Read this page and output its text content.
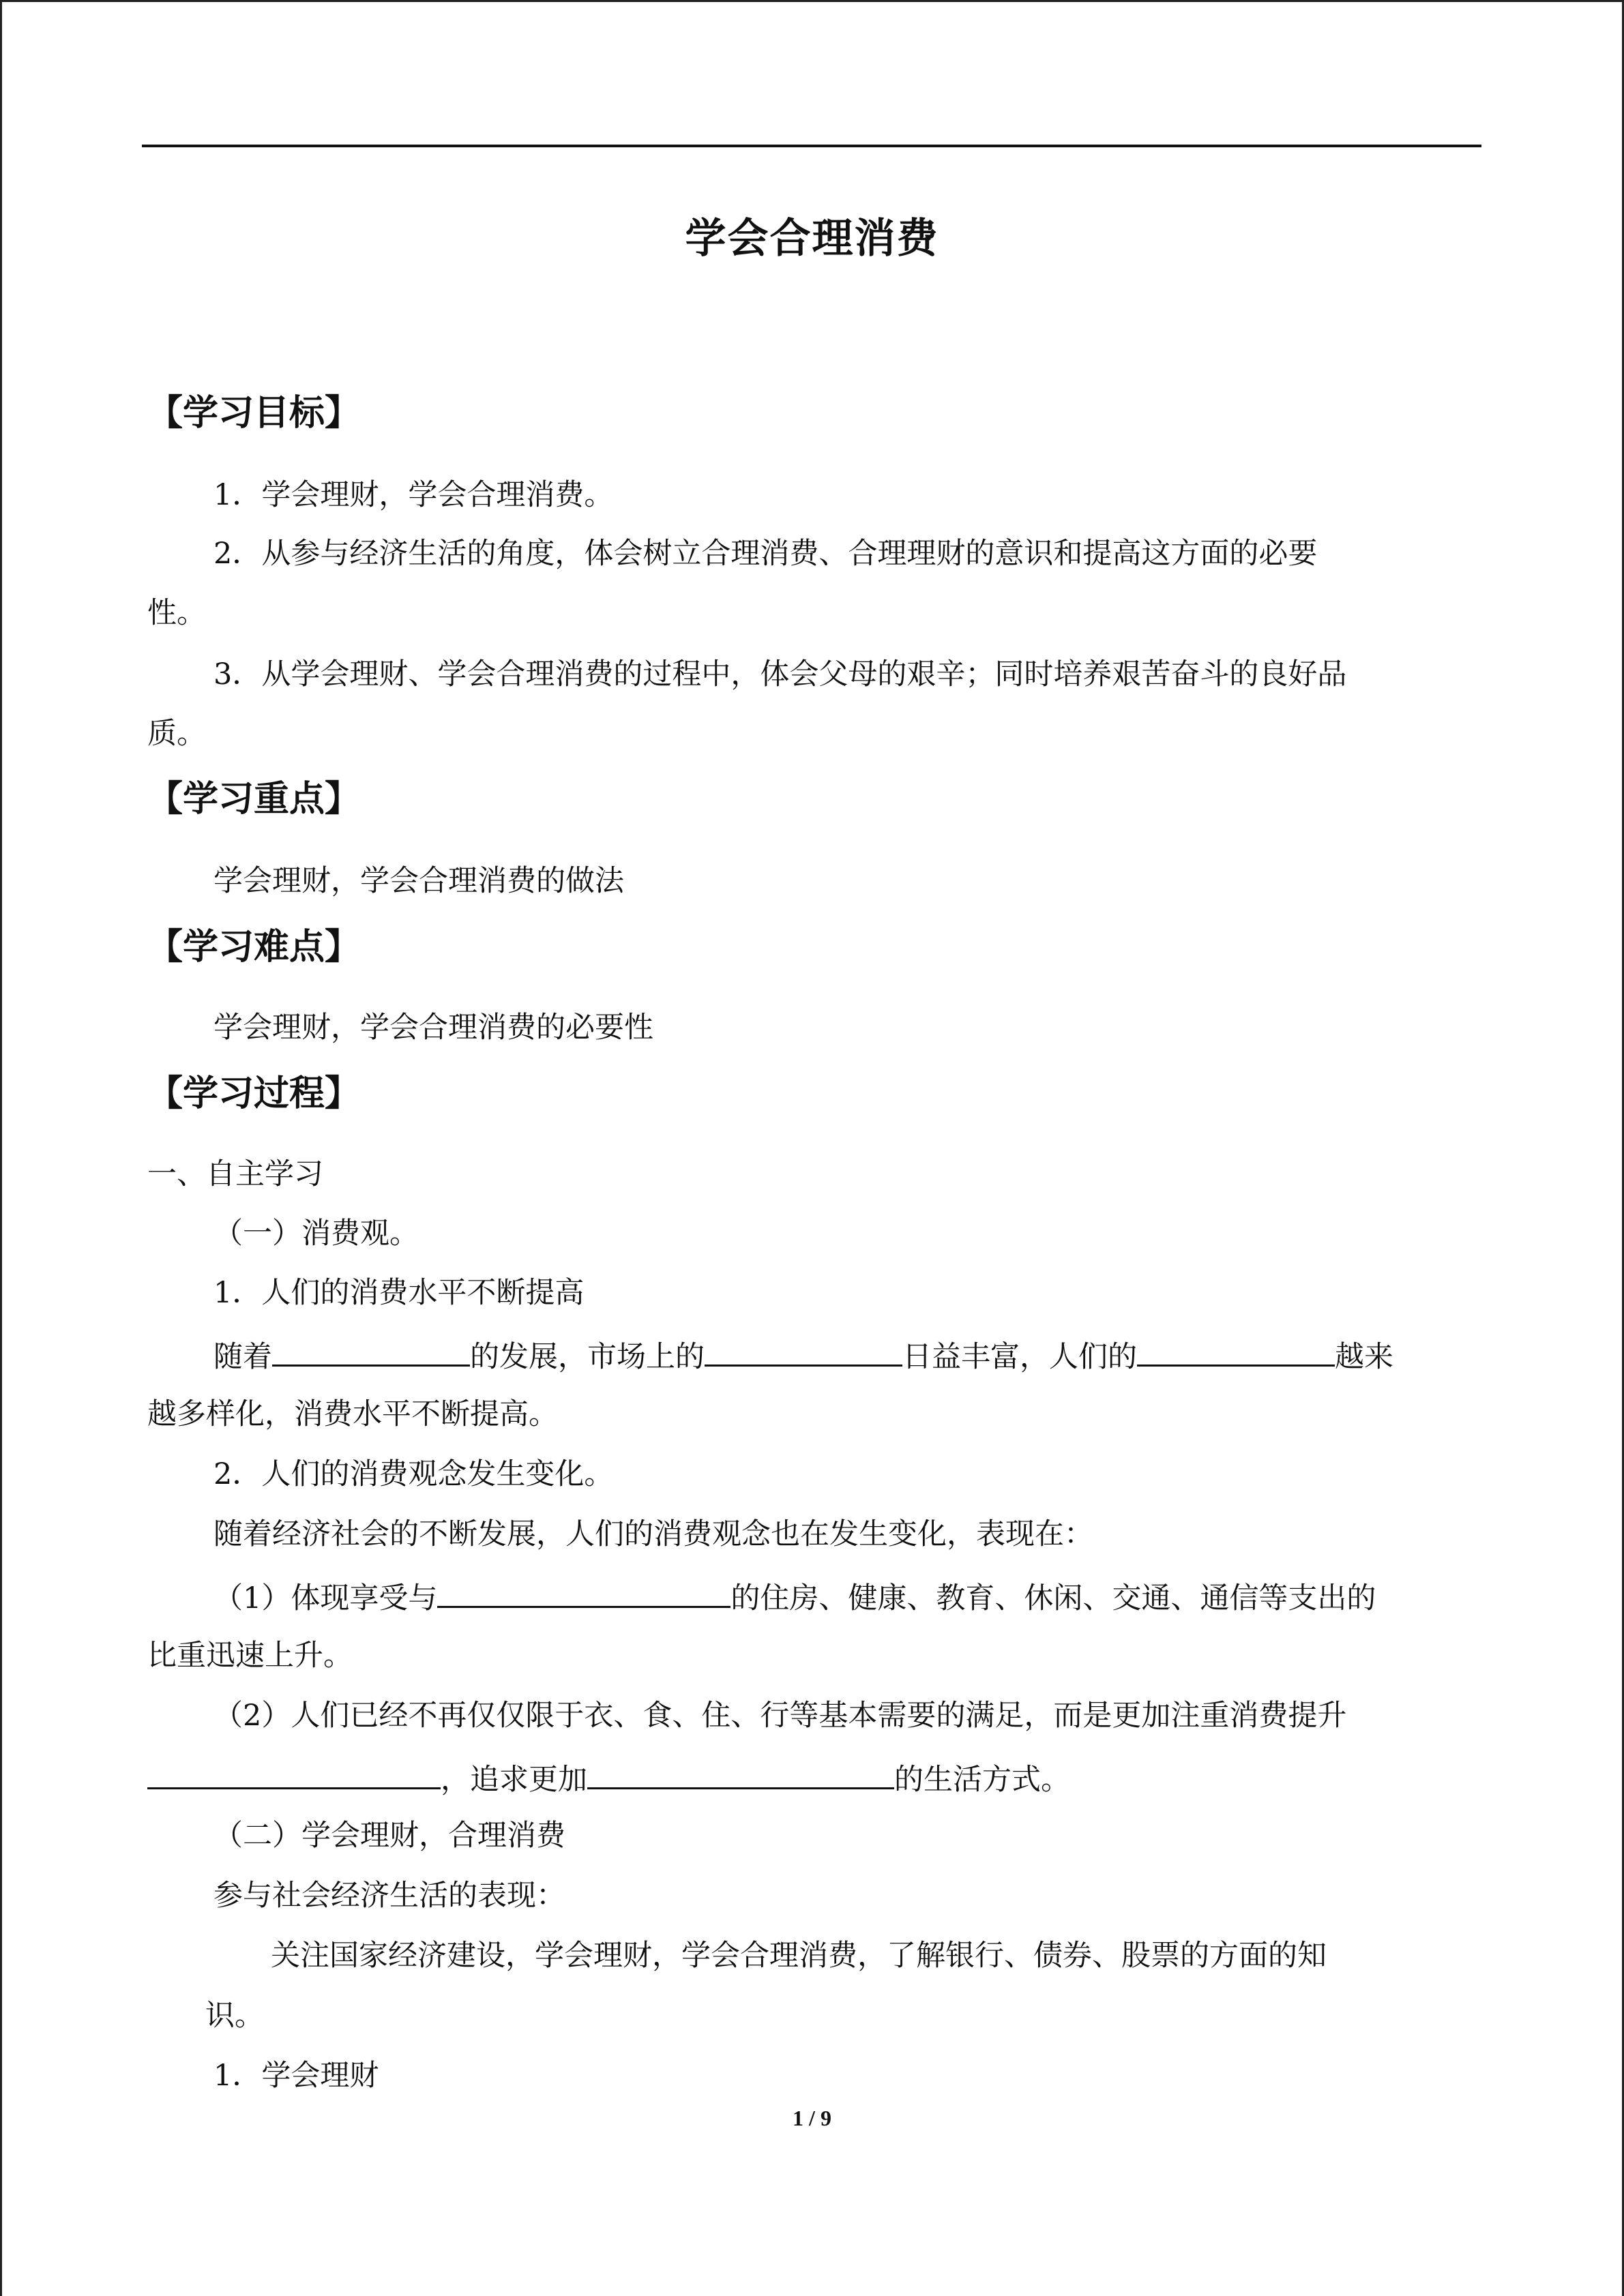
学会合理消费
【学习目标】
1．学会理财，学会合理消费。
2．从参与经济生活的角度，体会树立合理消费、合理理财的意识和提高这方面的必要
性。
3．从学会理财、学会合理消费的过程中，体会父母的艰辛；同时培养艰苦奋斗的良好品
质。
【学习重点】
学会理财，学会合理消费的做法
【学习难点】
学会理财，学会合理消费的必要性
【学习过程】
一、自主学习
（一）消费观。
1．人们的消费水平不断提高
随着	的发展，市场上的	日益丰富，人们的	越来
越多样化，消费水平不断提高。
2．人们的消费观念发生变化。
随着经济社会的不断发展，人们的消费观念也在发生变化，表现在：
（1）体现享受与	的住房、健康、教育、休闲、交通、通信等支出的
比重迅速上升。
（2）人们已经不再仅仅限于衣、食、住、行等基本需要的满足，而是更加注重消费提升
，追求更加	的生活方式。
（二）学会理财，合理消费
参与社会经济生活的表现：
关注国家经济建设，学会理财，学会合理消费，了解银行、债券、股票的方面的知
识。
1．学会理财
1 / 9
